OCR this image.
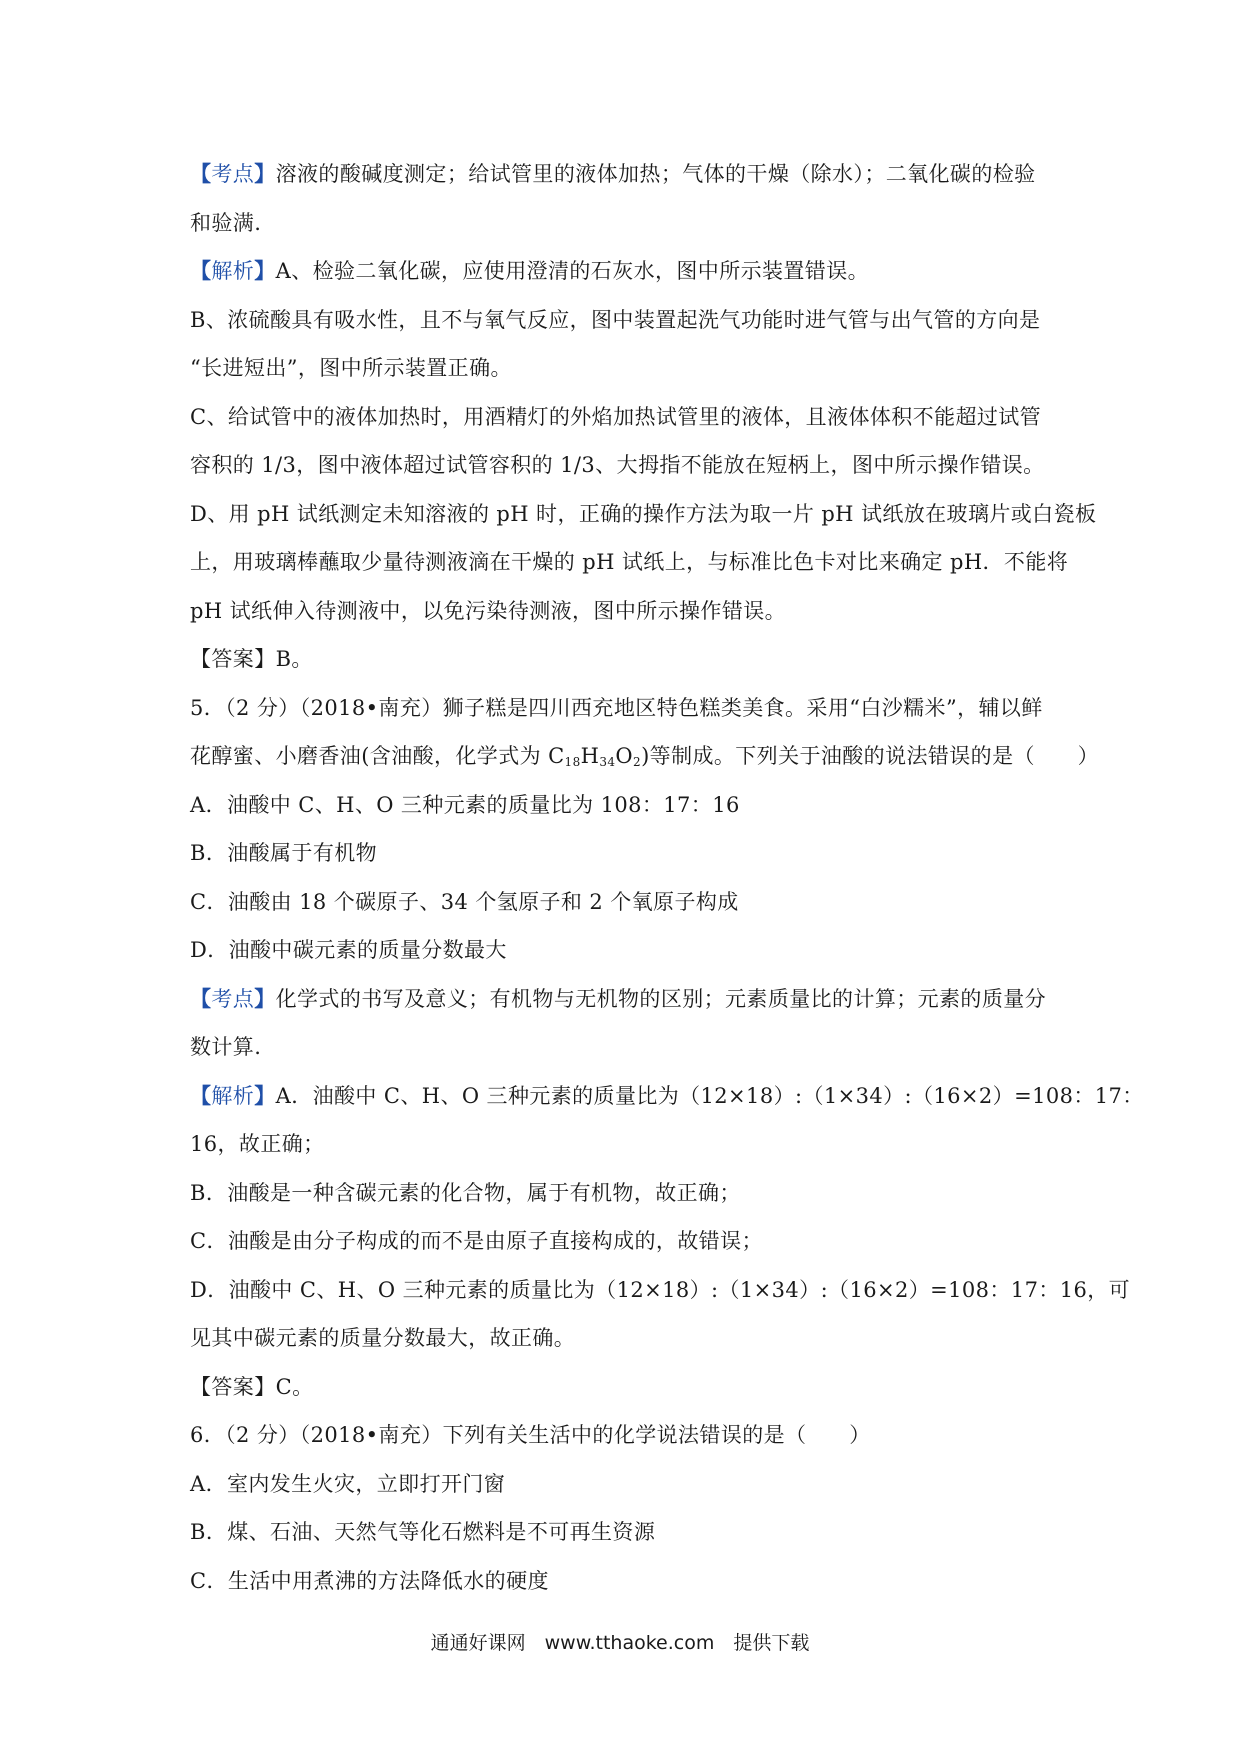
【考点】溶液的酸碱度测定；给试管里的液体加热；气体的干燥（除水）；二氧化碳的检验
和验满.
【解析】A、检验二氧化碳，应使用澄清的石灰水，图中所示装置错误。
B、浓硫酸具有吸水性，且不与氧气反应，图中装置起洗气功能时进气管与出气管的方向是
“长进短出”，图中所示装置正确。
C、给试管中的液体加热时，用酒精灯的外焰加热试管里的液体，且液体体积不能超过试管
容积的 1/3，图中液体超过试管容积的 1/3、大拇指不能放在短柄上，图中所示操作错误。
D、用 pH 试纸测定未知溶液的 pH 时，正确的操作方法为取一片 pH 试纸放在玻璃片或白瓷板
上，用玻璃棒蘸取少量待测液滴在干燥的 pH 试纸上，与标准比色卡对比来确定 pH．不能将
pH 试纸伸入待测液中，以免污染待测液，图中所示操作错误。
【答案】B。
5．（2 分）（2018•南充）狮子糕是四川西充地区特色糕类美食。采用“白沙糯米”，辅以鲜
花醇蜜、小磨香油(含油酸，化学式为 $C_{18}H_{34}O_2$)等制成。下列关于油酸的说法错误的是（　　）
A．油酸中 C、H、O 三种元素的质量比为 108：17：16
B．油酸属于有机物
C．油酸由 18 个碳原子、34 个氢原子和 2 个氧原子构成
D．油酸中碳元素的质量分数最大
【考点】化学式的书写及意义；有机物与无机物的区别；元素质量比的计算；元素的质量分
数计算.
【解析】A．油酸中 C、H、O 三种元素的质量比为（12×18）:（1×34）:（16×2）=108：17：
16，故正确；
B．油酸是一种含碳元素的化合物，属于有机物，故正确；
C．油酸是由分子构成的而不是由原子直接构成的，故错误；
D．油酸中 C、H、O 三种元素的质量比为（12×18）:（1×34）:（16×2）=108：17：16，可
见其中碳元素的质量分数最大，故正确。
【答案】C。
6．（2 分）（2018•南充）下列有关生活中的化学说法错误的是（　　）
A．室内发生火灾，立即打开门窗
B．煤、石油、天然气等化石燃料是不可再生资源
C．生活中用煮沸的方法降低水的硬度
通通好课网　www.tthaoke.com　提供下载
